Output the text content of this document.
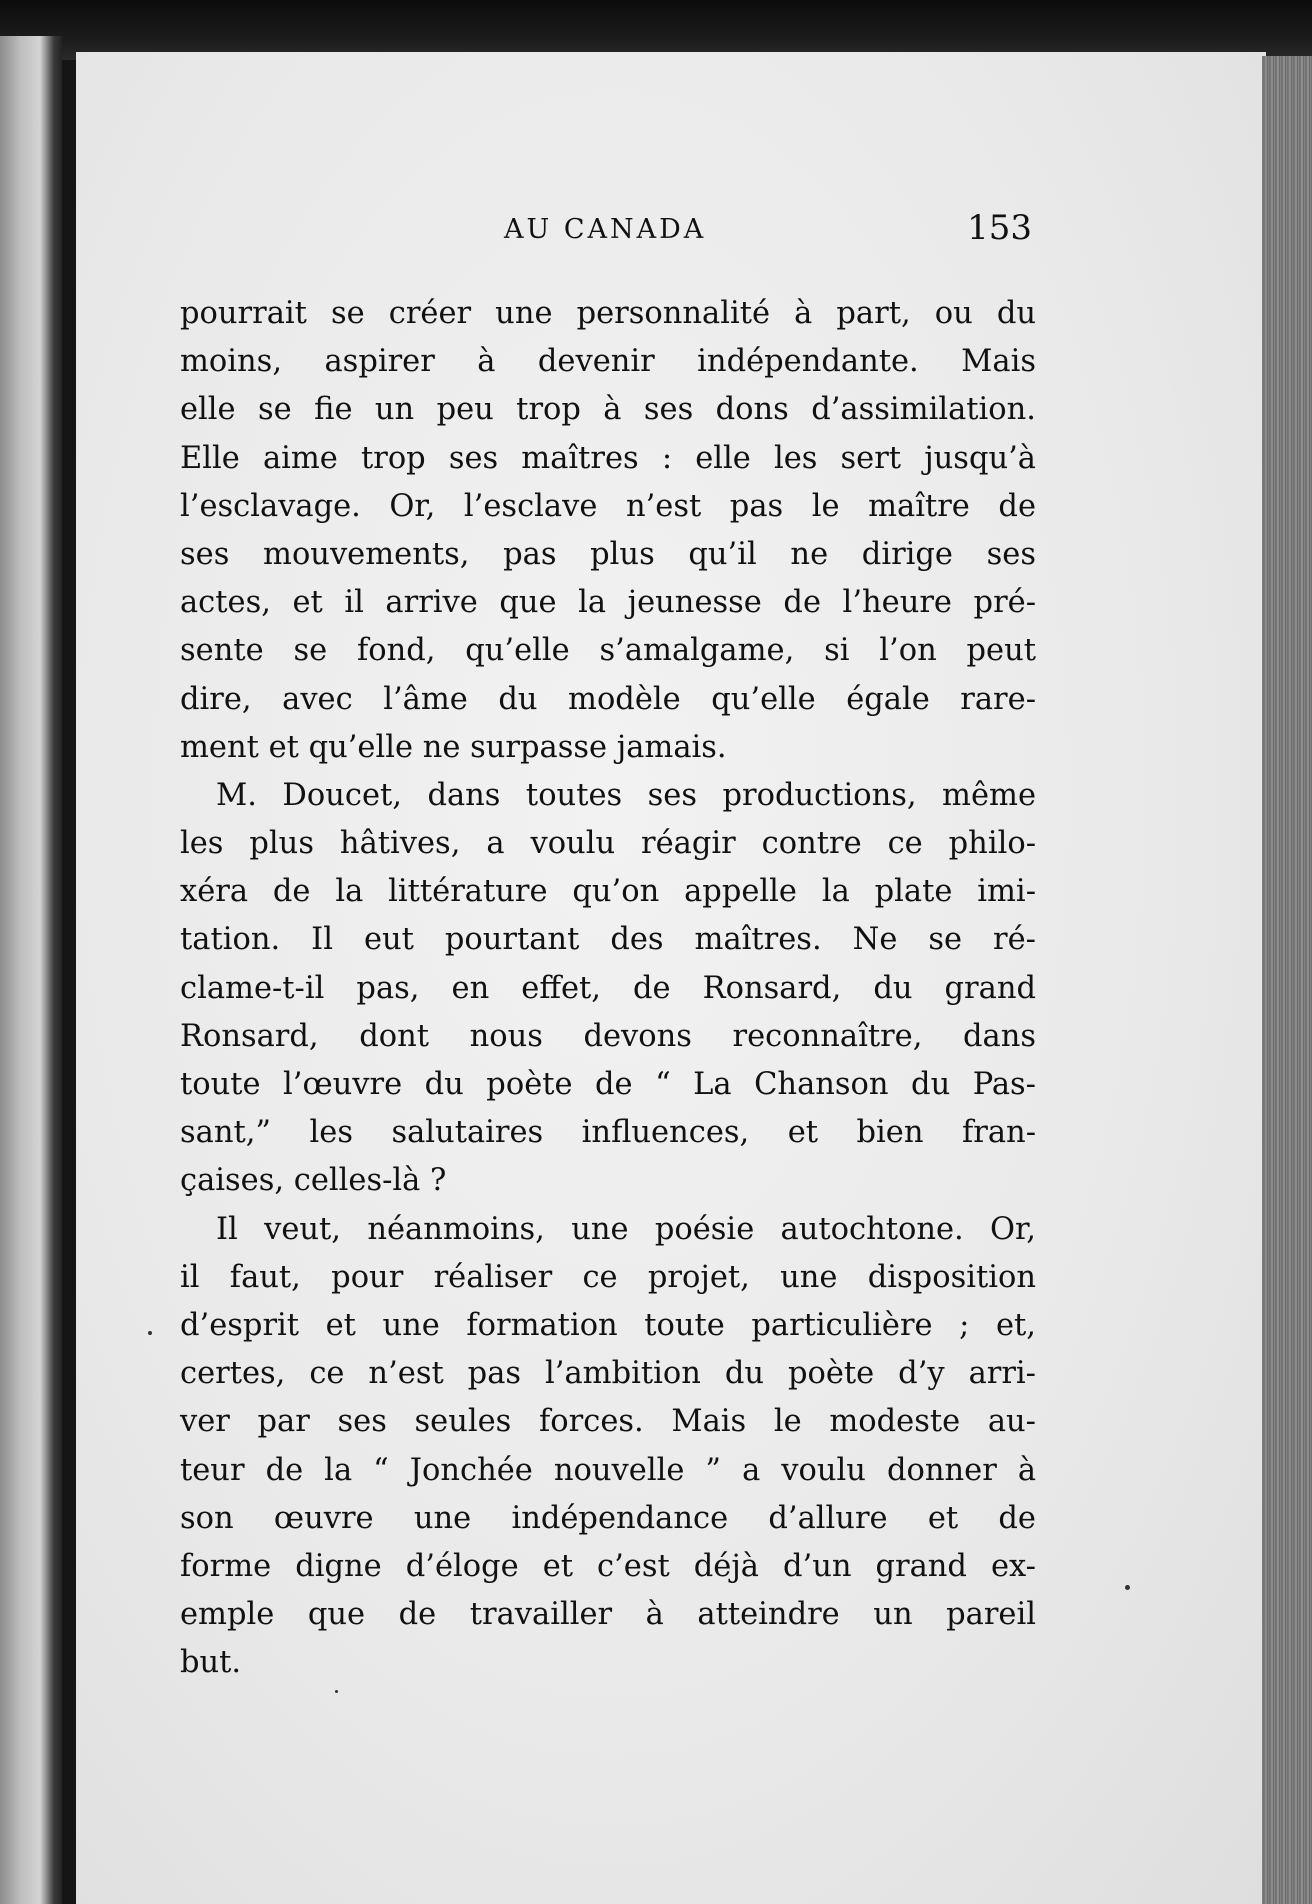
AU CANADA	153
pourrait se créer une personnalité à part, ou du
moins, aspirer à devenir indépendante. Mais
elle se fie un peu trop à ses dons d’assimilation.
Elle aime trop ses maîtres : elle les sert jusqu’à
l’esclavage. Or, l’esclave n’est pas le maître de
ses mouvements, pas plus qu’il ne dirige ses
actes, et il arrive que la jeunesse de l’heure pré-
sente se fond, qu’elle s’amalgame, si l’on peut
dire, avec l’âme du modèle qu’elle égale rare-
ment et qu’elle ne surpasse jamais.
M. Doucet, dans toutes ses productions, même
les plus hâtives, a voulu réagir contre ce philo-
xéra de la littérature qu’on appelle la plate imi-
tation. Il eut pourtant des maîtres. Ne se ré-
clame-t-il pas, en effet, de Ronsard, du grand
Ronsard, dont nous devons reconnaître, dans
toute l’œuvre du poète de “ La Chanson du Pas-
sant,” les salutaires influences, et bien fran-
çaises, celles-là ?
Il veut, néanmoins, une poésie autochtone. Or,
il faut, pour réaliser ce projet, une disposition
d’esprit et une formation toute particulière ; et,
certes, ce n’est pas l’ambition du poète d’y arri-
ver par ses seules forces. Mais le modeste au-
teur de la “ Jonchée nouvelle ” a voulu donner à
son œuvre une indépendance d’allure et de
forme digne d’éloge et c’est déjà d’un grand ex-
emple que de travailler à atteindre un pareil
but.
